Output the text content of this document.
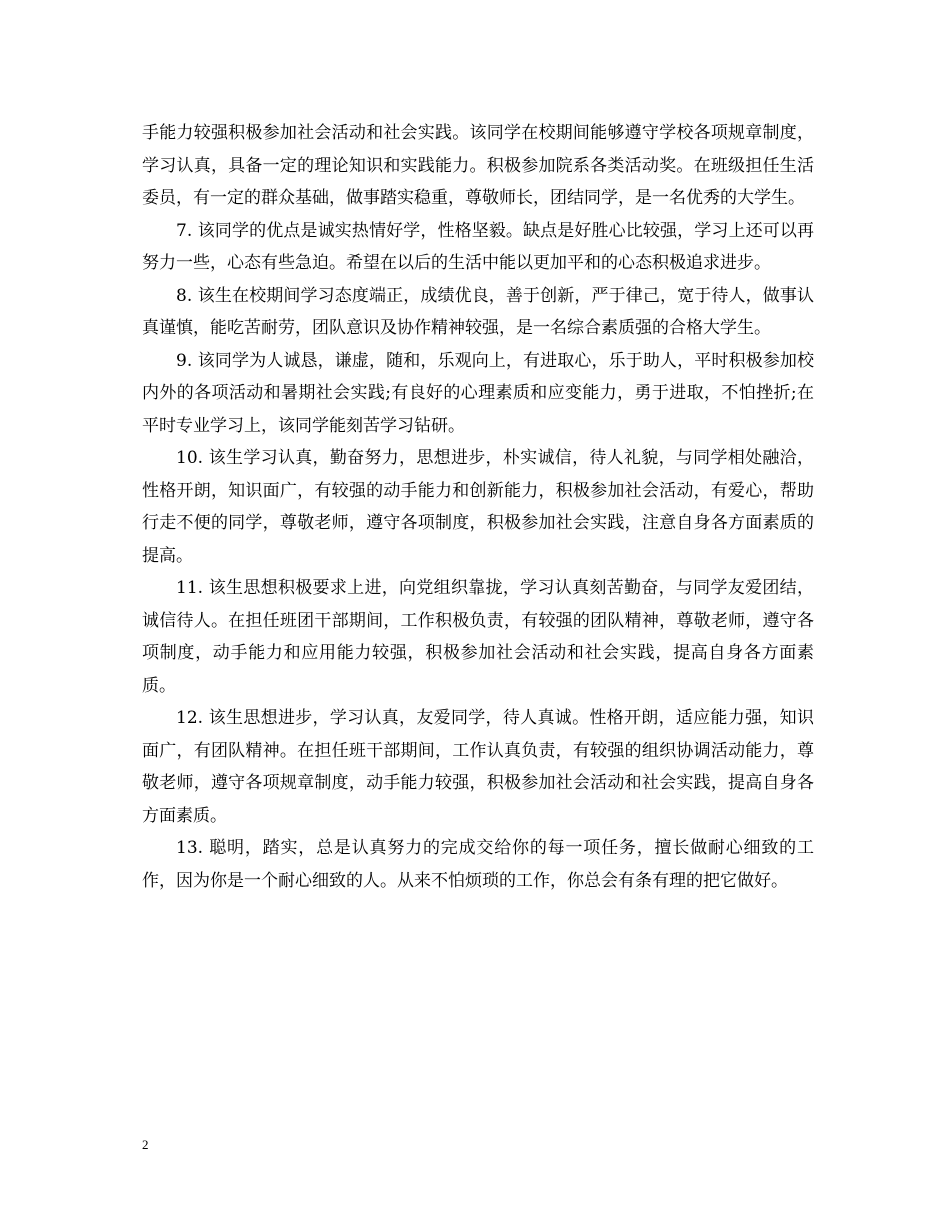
手能力较强积极参加社会活动和社会实践。该同学在校期间能够遵守学校各项规章制度，学习认真，具备一定的理论知识和实践能力。积极参加院系各类活动奖。在班级担任生活委员，有一定的群众基础，做事踏实稳重，尊敬师长，团结同学，是一名优秀的大学生。

7. 该同学的优点是诚实热情好学，性格坚毅。缺点是好胜心比较强，学习上还可以再努力一些，心态有些急迫。希望在以后的生活中能以更加平和的心态积极追求进步。

8. 该生在校期间学习态度端正，成绩优良，善于创新，严于律己，宽于待人，做事认真谨慎，能吃苦耐劳，团队意识及协作精神较强，是一名综合素质强的合格大学生。

9. 该同学为人诚恳，谦虚，随和，乐观向上，有进取心，乐于助人，平时积极参加校内外的各项活动和暑期社会实践;有良好的心理素质和应变能力，勇于进取，不怕挫折;在平时专业学习上，该同学能刻苦学习钻研。

10. 该生学习认真，勤奋努力，思想进步，朴实诚信，待人礼貌，与同学相处融洽，性格开朗，知识面广，有较强的动手能力和创新能力，积极参加社会活动，有爱心，帮助行走不便的同学，尊敬老师，遵守各项制度，积极参加社会实践，注意自身各方面素质的提高。

11. 该生思想积极要求上进，向党组织靠拢，学习认真刻苦勤奋，与同学友爱团结，诚信待人。在担任班团干部期间，工作积极负责，有较强的团队精神，尊敬老师，遵守各项制度，动手能力和应用能力较强，积极参加社会活动和社会实践，提高自身各方面素质。

12. 该生思想进步，学习认真，友爱同学，待人真诚。性格开朗，适应能力强，知识面广，有团队精神。在担任班干部期间，工作认真负责，有较强的组织协调活动能力，尊敬老师，遵守各项规章制度，动手能力较强，积极参加社会活动和社会实践，提高自身各方面素质。

13. 聪明，踏实，总是认真努力的完成交给你的每一项任务，擅长做耐心细致的工作，因为你是一个耐心细致的人。从来不怕烦琐的工作，你总会有条有理的把它做好。

2
